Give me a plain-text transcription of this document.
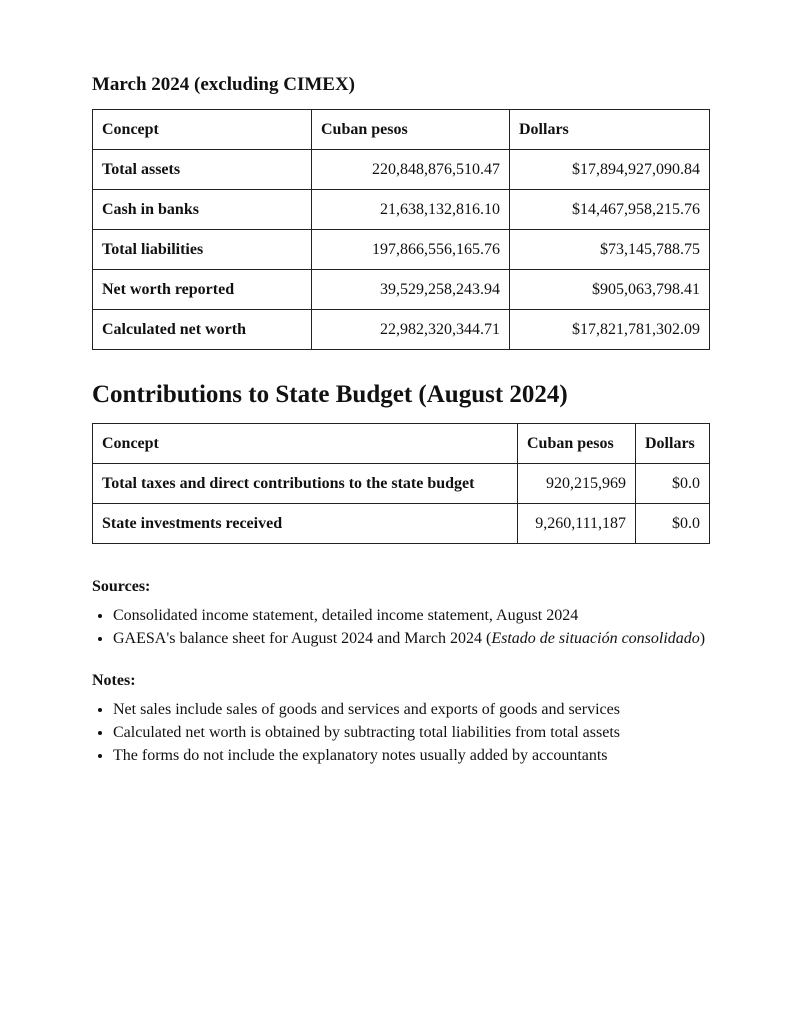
March 2024 (excluding CIMEX)
Concept	Cuban pesos	Dollars
Total assets	220,848,876,510.47	$17,894,927,090.84
Cash in banks	21,638,132,816.10	$14,467,958,215.76
Total liabilities	197,866,556,165.76	$73,145,788.75
Net worth reported	39,529,258,243.94	$905,063,798.41
Calculated net worth	22,982,320,344.71	$17,821,781,302.09
Contributions to State Budget (August 2024)
Concept	Cuban pesos	Dollars
Total taxes and direct contributions to the state budget	920,215,969	$0.0
State investments received	9,260,111,187	$0.0
Sources:
• Consolidated income statement, detailed income statement, August 2024
• GAESA's balance sheet for August 2024 and March 2024 (Estado de situación consolidado)
Notes:
• Net sales include sales of goods and services and exports of goods and services
• Calculated net worth is obtained by subtracting total liabilities from total assets
• The forms do not include the explanatory notes usually added by accountants
